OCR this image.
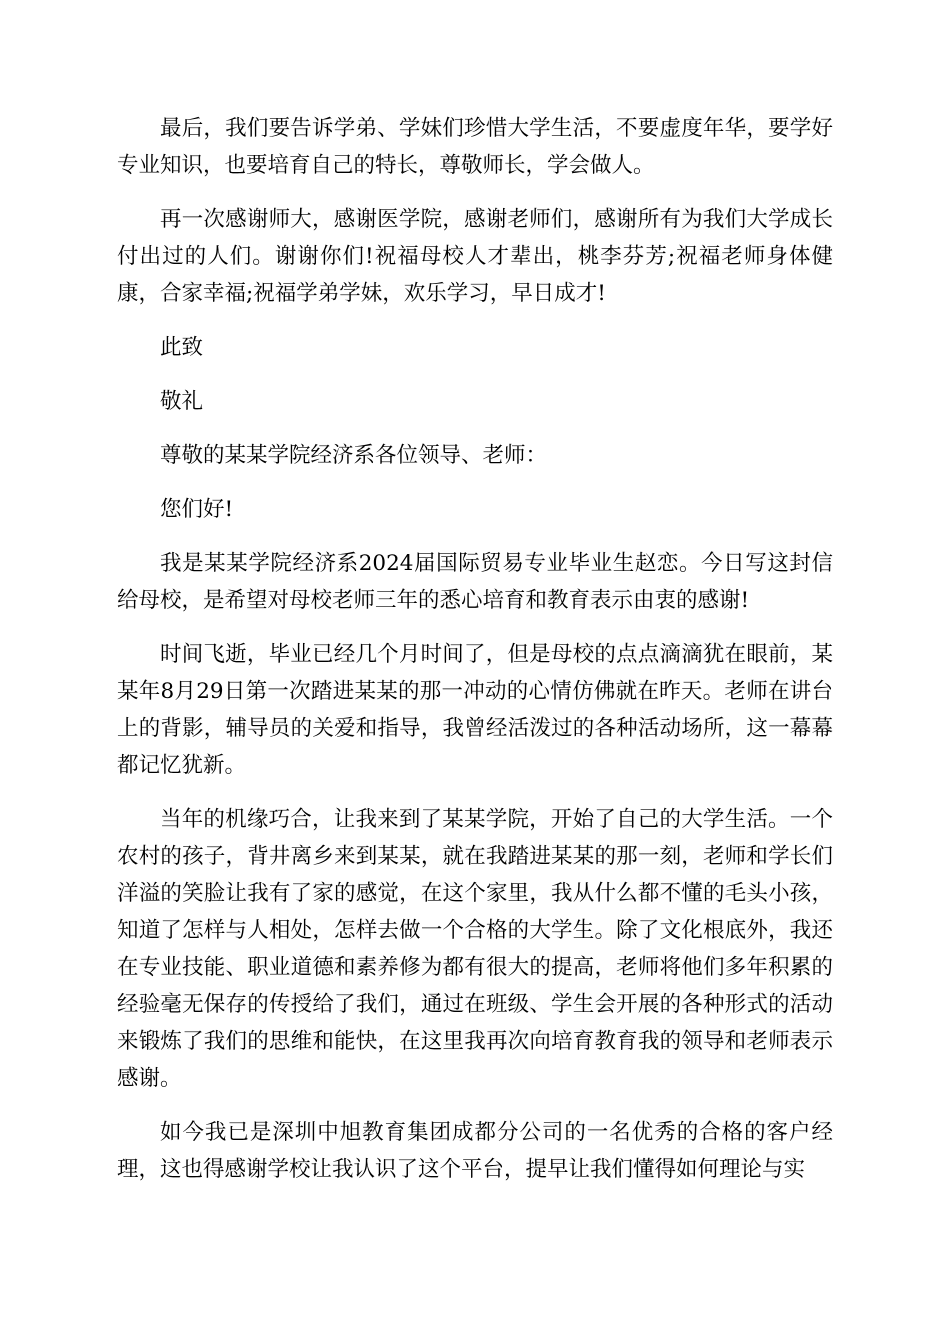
最后，我们要告诉学弟、学妹们珍惜大学生活，不要虚度年华，要学好专业知识，也要培育自己的特长，尊敬师长，学会做人。

再一次感谢师大，感谢医学院，感谢老师们，感谢所有为我们大学成长付出过的人们。谢谢你们!祝福母校人才辈出，桃李芬芳;祝福老师身体健康，合家幸福;祝福学弟学妹，欢乐学习，早日成才!

此致

敬礼

尊敬的某某学院经济系各位领导、老师：

您们好!

我是某某学院经济系2024届国际贸易专业毕业生赵恋。今日写这封信给母校，是希望对母校老师三年的悉心培育和教育表示由衷的感谢!

时间飞逝，毕业已经几个月时间了，但是母校的点点滴滴犹在眼前，某某年8月29日第一次踏进某某的那一冲动的心情仿佛就在昨天。老师在讲台上的背影，辅导员的关爱和指导，我曾经活泼过的各种活动场所，这一幕幕都记忆犹新。

当年的机缘巧合，让我来到了某某学院，开始了自己的大学生活。一个农村的孩子，背井离乡来到某某，就在我踏进某某的那一刻，老师和学长们洋溢的笑脸让我有了家的感觉，在这个家里，我从什么都不懂的毛头小孩，知道了怎样与人相处，怎样去做一个合格的大学生。除了文化根底外，我还在专业技能、职业道德和素养修为都有很大的提高，老师将他们多年积累的经验毫无保存的传授给了我们，通过在班级、学生会开展的各种形式的活动来锻炼了我们的思维和能快，在这里我再次向培育教育我的领导和老师表示感谢。

如今我已是深圳中旭教育集团成都分公司的一名优秀的合格的客户经理，这也得感谢学校让我认识了这个平台，提早让我们懂得如何理论与实
